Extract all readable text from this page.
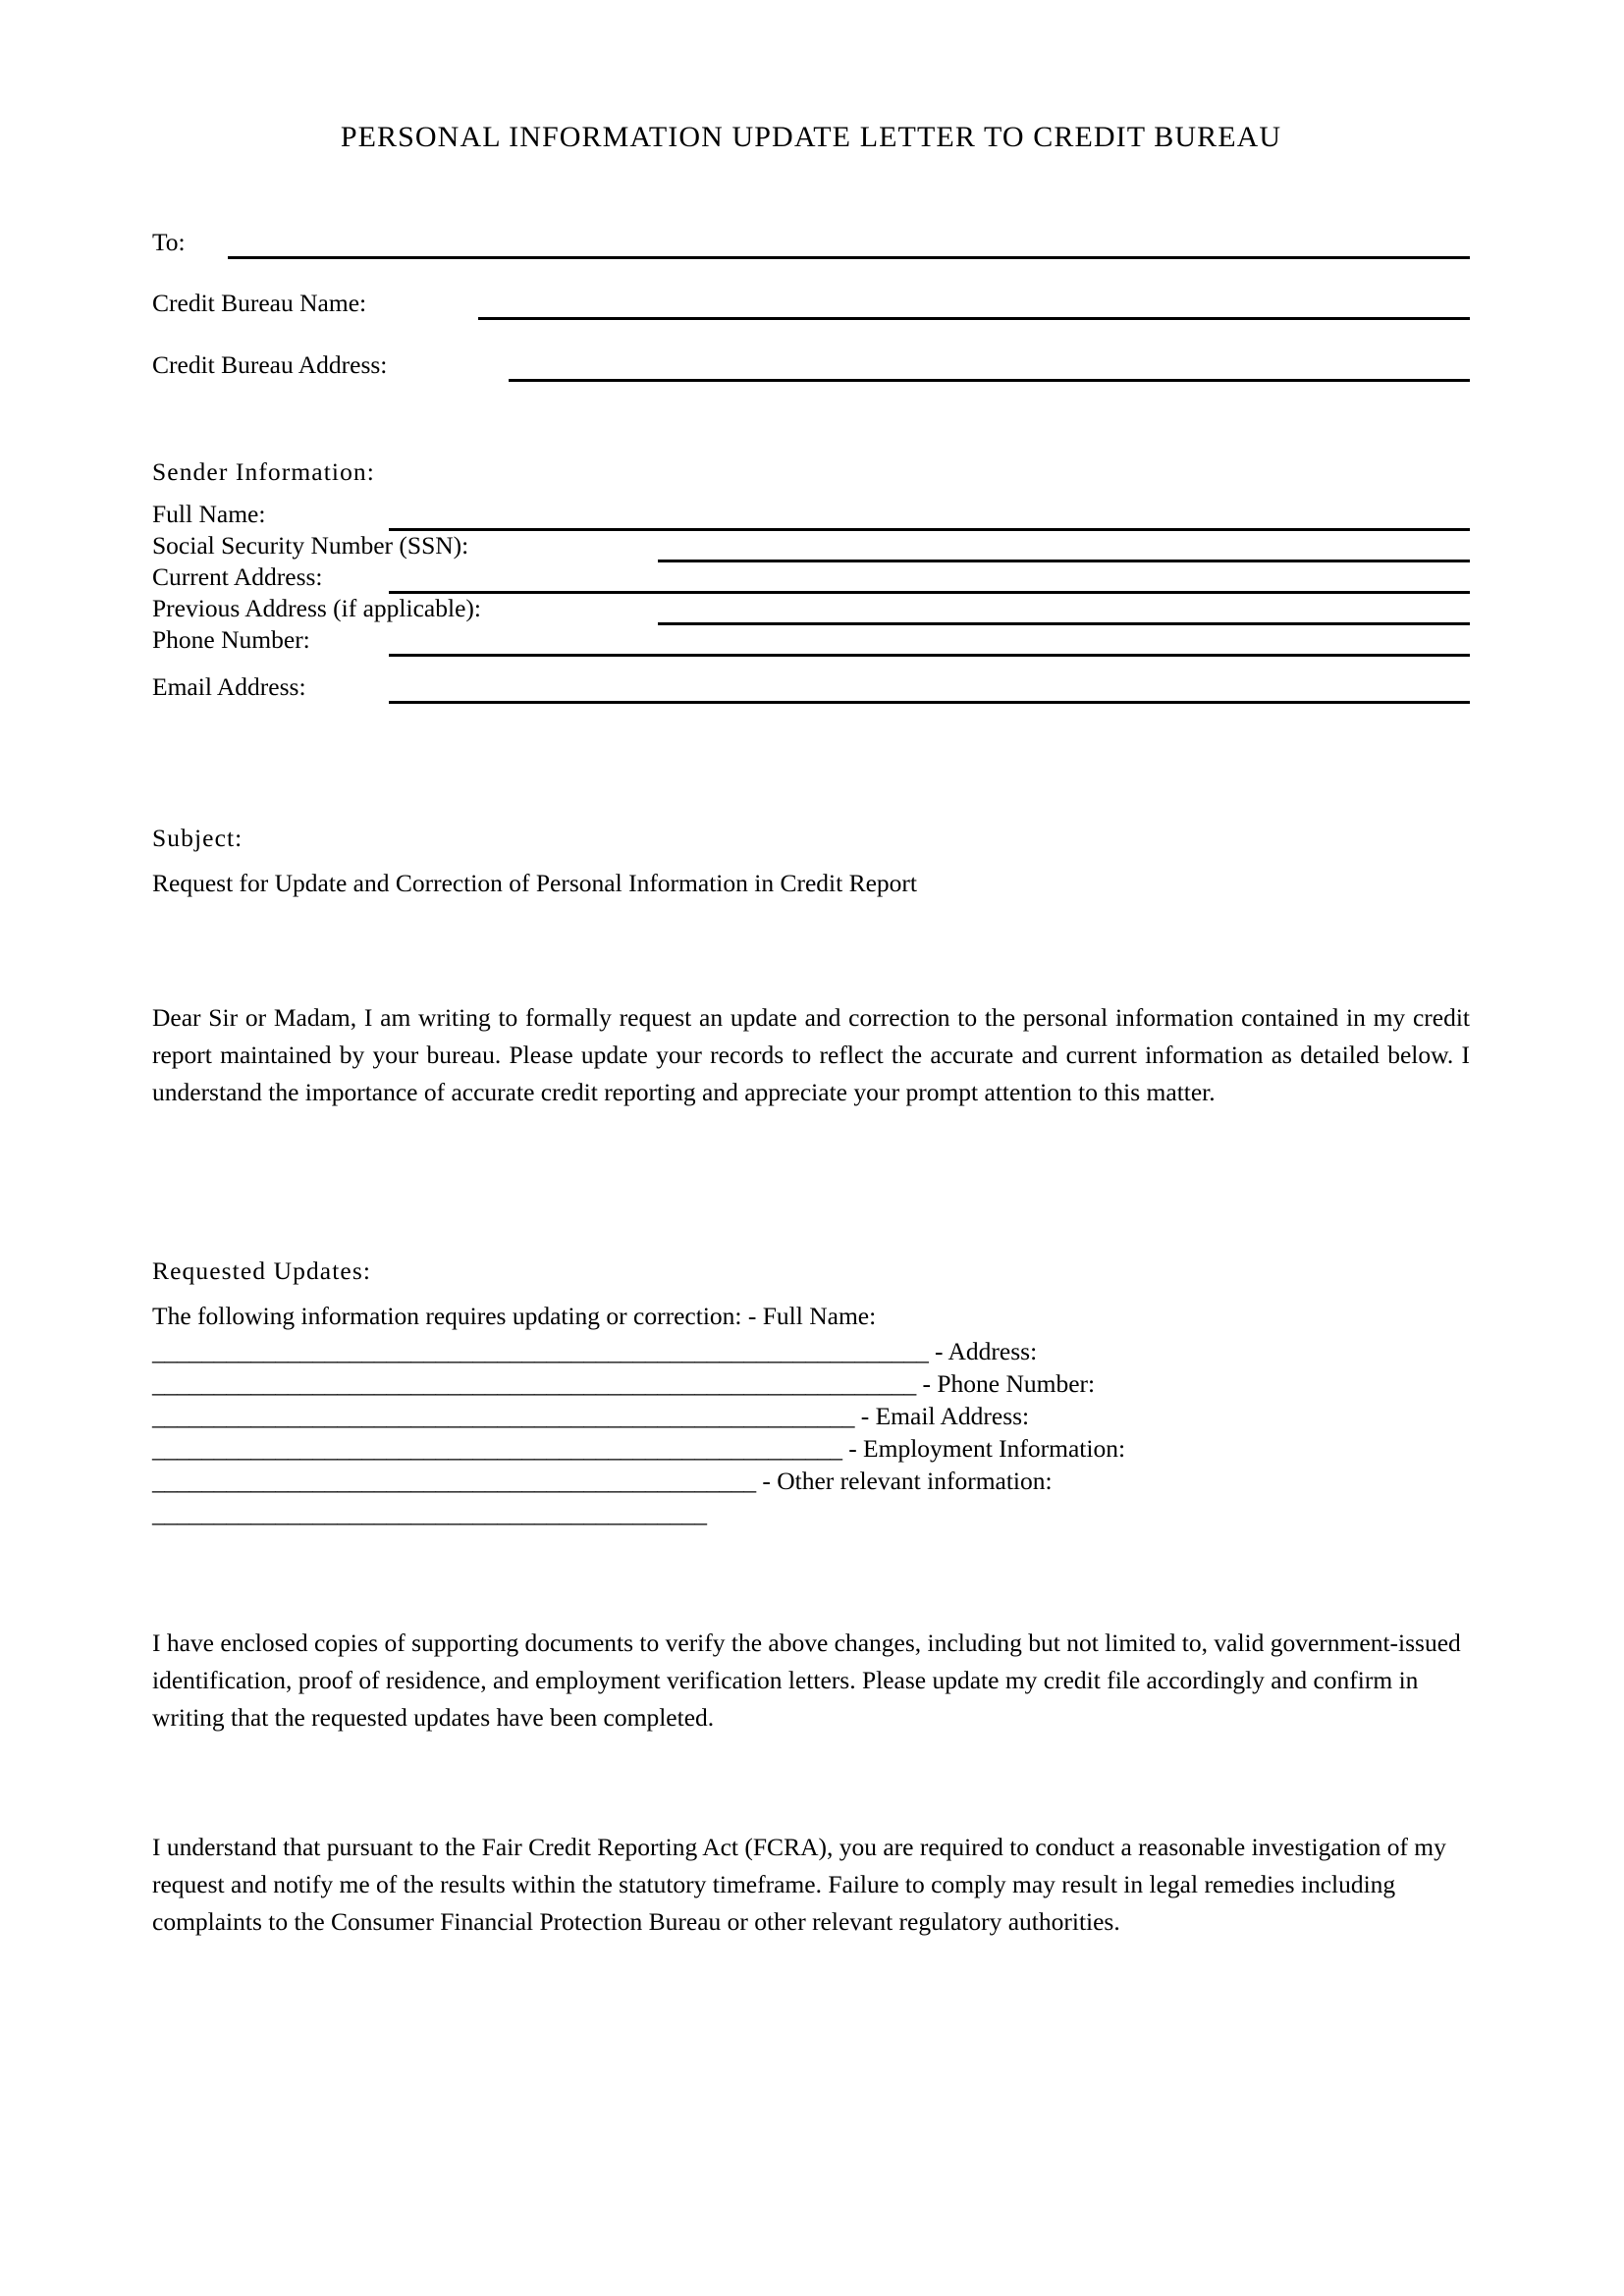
PERSONAL INFORMATION UPDATE LETTER TO CREDIT BUREAU
To:
Credit Bureau Name:
Credit Bureau Address:
Sender Information:
Full Name:
Social Security Number (SSN):
Current Address:
Previous Address (if applicable):
Phone Number:
Email Address:
Subject:
Request for Update and Correction of Personal Information in Credit Report
Dear Sir or Madam, I am writing to formally request an update and correction to the personal information contained in my credit report maintained by your bureau. Please update your records to reflect the accurate and current information as detailed below. I understand the importance of accurate credit reporting and appreciate your prompt attention to this matter.
Requested Updates:
The following information requires updating or correction: - Full Name:
_______________________________________________________________ - Address:
______________________________________________________________ - Phone Number:
_________________________________________________________ - Email Address:
________________________________________________________ - Employment Information:
_________________________________________________ - Other relevant information:
_____________________________________________
I have enclosed copies of supporting documents to verify the above changes, including but not limited to, valid government-issued identification, proof of residence, and employment verification letters. Please update my credit file accordingly and confirm in writing that the requested updates have been completed.
I understand that pursuant to the Fair Credit Reporting Act (FCRA), you are required to conduct a reasonable investigation of my request and notify me of the results within the statutory timeframe. Failure to comply may result in legal remedies including complaints to the Consumer Financial Protection Bureau or other relevant regulatory authorities.
